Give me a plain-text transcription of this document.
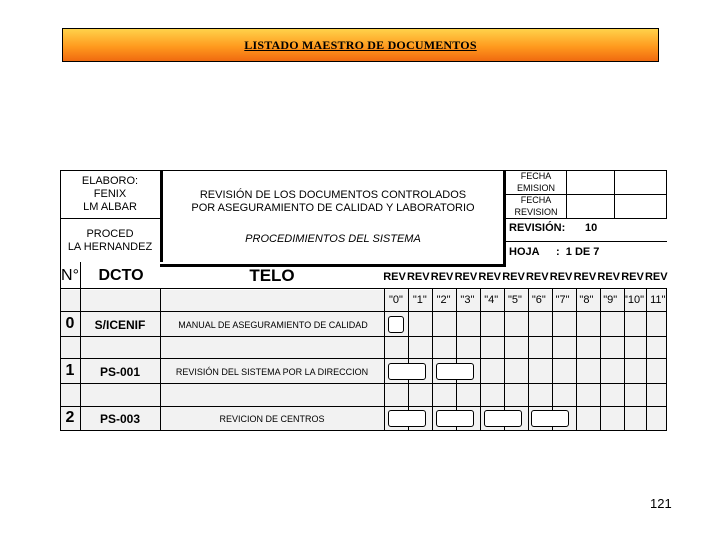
LISTADO MAESTRO DE DOCUMENTOS
ELABORO:
FENIX
LM ALBAR
PROCED
LA HERNANDEZ
REVISIÓN DE LOS DOCUMENTOS CONTROLADOS
POR ASEGURAMIENTO DE CALIDAD Y LABORATORIO
PROCEDIMIENTOS DEL SISTEMA
FECHA
EMISION
FECHA
REVISION
REVISIÓN:	10
HOJA	:  1 DE 7
N°	DCTO	TELO	REV REV REV REV REV REV REV REV REV REV REV REV
"0" "1" "2" "3" "4" "5" "6" "7" "8" "9" "10" 11"
0	S/ICENIF	MANUAL DE ASEGURAMIENTO DE CALIDAD
1	PS-001	REVISIÓN DEL SISTEMA POR LA DIRECCION
2	PS-003	REVICION DE CENTROS
121
